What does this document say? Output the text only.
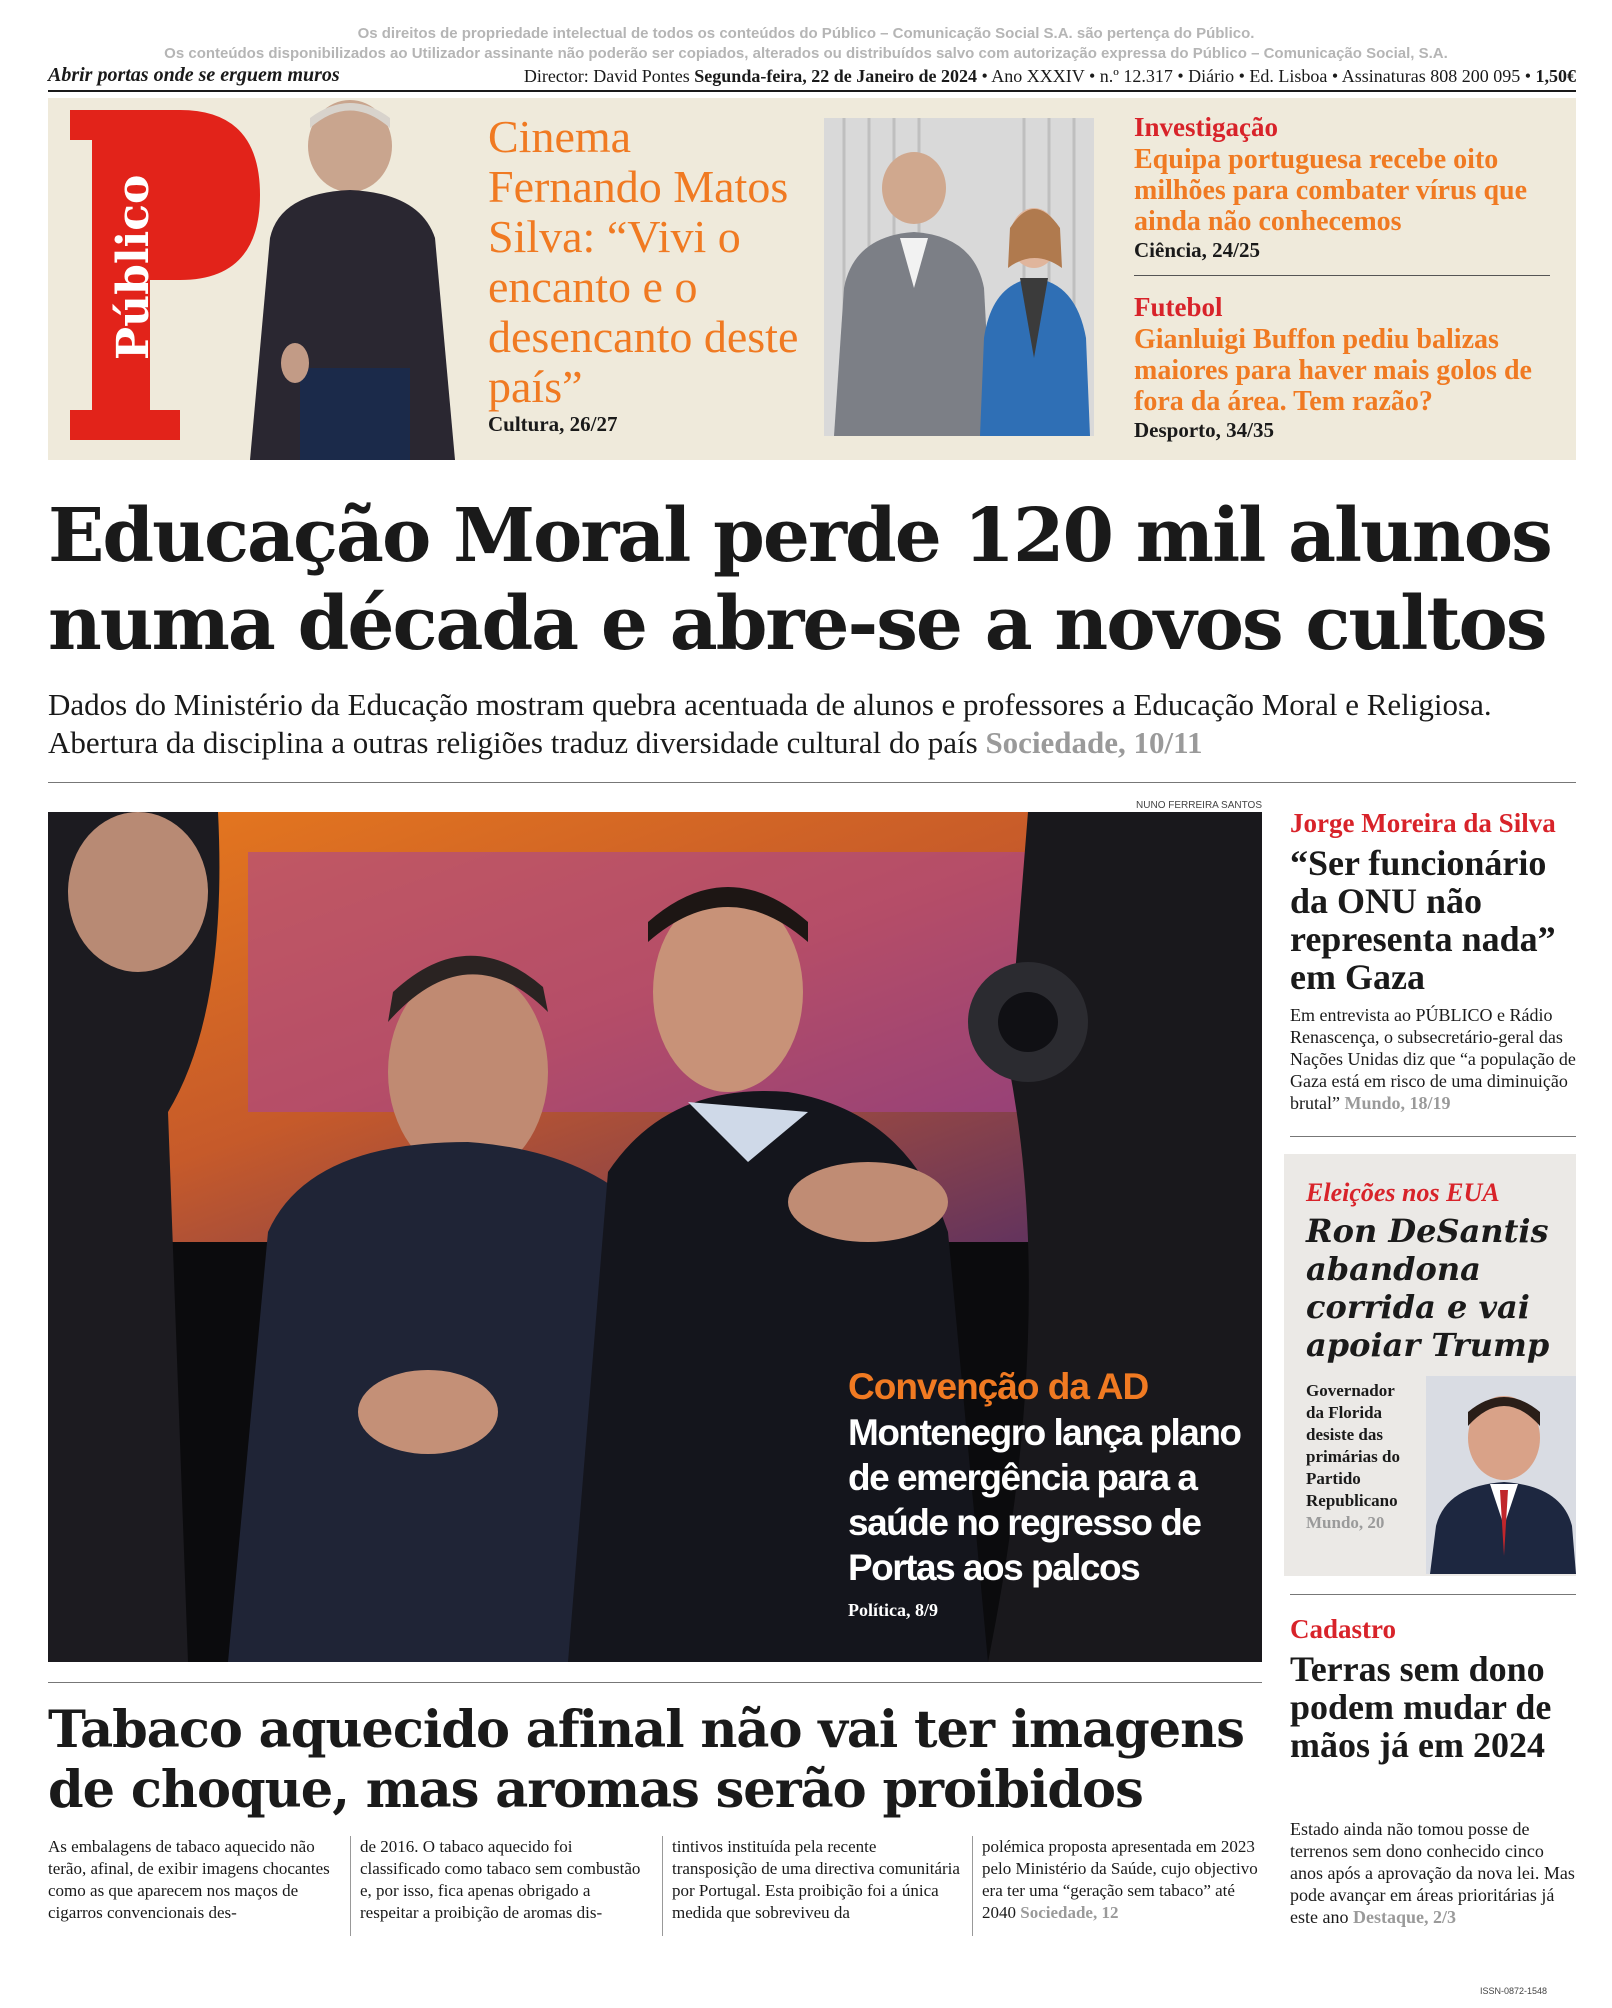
Os direitos de propriedade intelectual de todos os conteúdos do Público – Comunicação Social S.A. são pertença do Público.
Os conteúdos disponibilizados ao Utilizador assinante não poderão ser copiados, alterados ou distribuídos salvo com autorização expressa do Público – Comunicação Social, S.A.
Abrir portas onde se erguem muros	Director: David Pontes Segunda-feira, 22 de Janeiro de 2024 • Ano XXXIV • n.º 12.317 • Diário • Ed. Lisboa • Assinaturas 808 200 095 • 1,50€
Público
Cinema
Fernando Matos Silva: “Vivi o encanto e o desencanto deste país”
Cultura, 26/27
Investigação
Equipa portuguesa recebe oito milhões para combater vírus que ainda não conhecemos
Ciência, 24/25
Futebol
Gianluigi Buffon pediu balizas maiores para haver mais golos de fora da área. Tem razão?
Desporto, 34/35
Educação Moral perde 120 mil alunos numa década e abre-se a novos cultos
Dados do Ministério da Educação mostram quebra acentuada de alunos e professores a Educação Moral e Religiosa. Abertura da disciplina a outras religiões traduz diversidade cultural do país Sociedade, 10/11
NUNO FERREIRA SANTOS
Convenção da AD
Montenegro lança plano de emergência para a saúde no regresso de Portas aos palcos
Política, 8/9
Jorge Moreira da Silva
“Ser funcionário da ONU não representa nada” em Gaza
Em entrevista ao PÚBLICO e Rádio Renascença, o subsecretário-geral das Nações Unidas diz que “a população de Gaza está em risco de uma diminuição brutal” Mundo, 18/19
Eleições nos EUA
Ron DeSantis abandona corrida e vai apoiar Trump
Governador da Florida desiste das primárias do Partido Republicano
Mundo, 20
Cadastro
Terras sem dono podem mudar de mãos já em 2024
Estado ainda não tomou posse de terrenos sem dono conhecido cinco anos após a aprovação da nova lei. Mas pode avançar em áreas prioritárias já este ano Destaque, 2/3
Tabaco aquecido afinal não vai ter imagens de choque, mas aromas serão proibidos
As embalagens de tabaco aquecido não terão, afinal, de exibir imagens chocantes como as que aparecem nos maços de cigarros convencionais des-
de 2016. O tabaco aquecido foi classificado como tabaco sem combustão e, por isso, fica apenas obrigado a respeitar a proibição de aromas dis-
tintivos instituída pela recente transposição de uma directiva comunitária por Portugal. Esta proibição foi a única medida que sobreviveu da
polémica proposta apresentada em 2023 pelo Ministério da Saúde, cujo objectivo era ter uma “geração sem tabaco” até 2040 Sociedade, 12
ISSN-0872-1548
